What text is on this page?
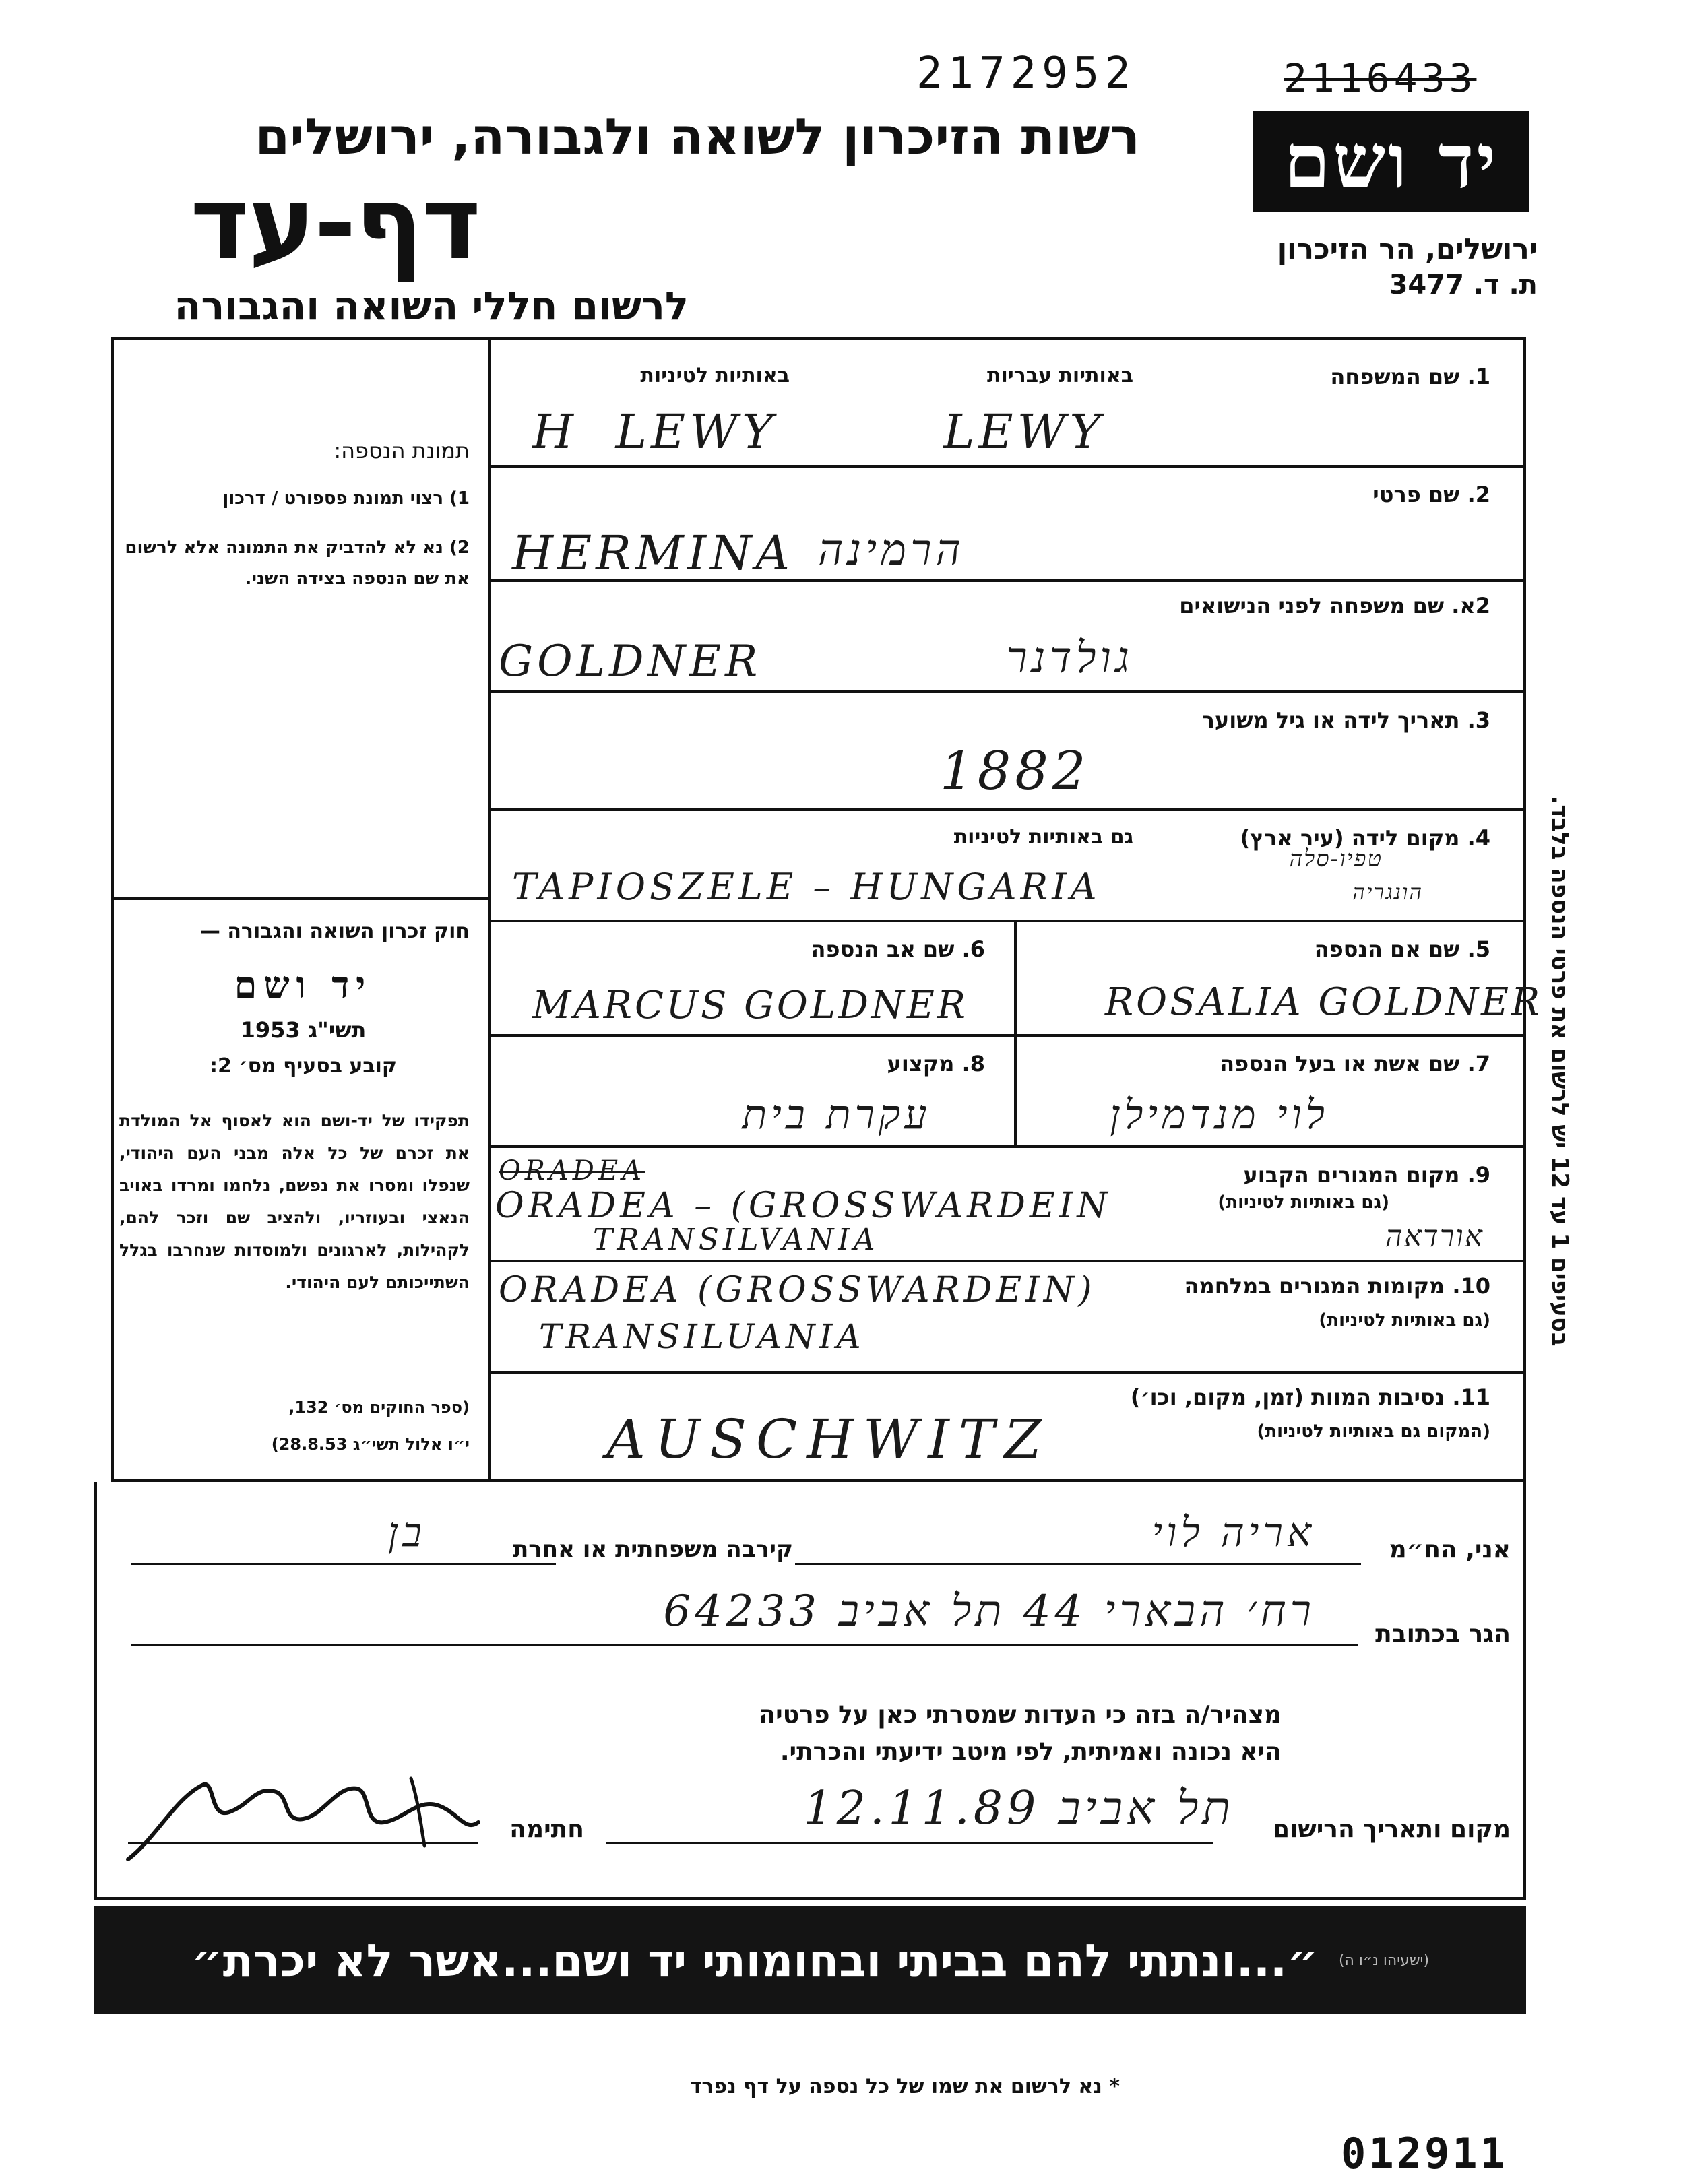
2172952	2116433
רשות הזיכרון לשואה ולגבורה, ירושלים
דף-עד
לרשום חללי השואה והגבורה
יד ושם
ירושלים, הר הזיכרון
ת. ד. 3477
תמונת הנספה:
1) רצוי תמונת פספורט / דרכון
2) נא לא להדביק את התמונה אלא לרשום את שם הנספה בצידה השני.
חוק זכרון השואה והגבורה —
יד ושם
תשי"ג 1953
קובע בסעיף מס׳ 2:
תפקידו של יד-ושם הוא לאסוף אל המולדת את זכרם של כל אלה מבני העם היהודי, שנפלו ומסרו את נפשם, נלחמו ומרדו באויב הנאצי ובעוזריו, ולהציב שם וזכר להם, לקהילות, לארגונים ולמוסדות שנחרבו בגלל השתייכותם לעם היהודי.
(ספר החוקים מס׳ 132,
י״ו אלול תשי״ג 28.8.53)
1. שם המשפחה
באותיות עבריות
באותיות לטיניות
H  LEWY	LEWY
2. שם פרטי
HERMINA הרמינה
2א. שם משפחה לפני הנישואים
GOLDNER	גולדנר
3. תאריך לידה או גיל משוער
1882
4. מקום לידה (עיר ארץ)
גם באותיות לטיניות
TAPIOSZELE – HUNGARIA
טפיו-סלה
הונגריה
5. שם אם הנספה
ROSALIA GOLDNER
6. שם אב הנספה
MARCUS GOLDNER
7. שם אשת או בעל הנספה
לוי מנדמילן
8. מקצוע
עקרת בית
9. מקום המגורים הקבוע
(גם באותיות לטיניות)
ORADEA
ORADEA – (GROSSWARDEIN
TRANSILVANIA	אורדאה
10. מקומות המגורים במלחמה
(גם באותיות לטיניות)
ORADEA (GROSSWARDEIN)
TRANSILUANIA
11. נסיבות המוות (זמן, מקום, וכו׳)
(המקום גם באותיות לטיניות)
AUSCHWITZ
בסעיפים 1 עד 12 יש לרשום את פרטי הנספה בלבד.
אני, הח״מ
אריה לוי
קירבה משפחתית או אחרת
בן
הגר בכתובת
רח׳ הבארי 44 תל אביב 64233
מצהיר/ה בזה כי העדות שמסרתי כאן על פרטיה
היא נכונה ואמיתית, לפי מיטב ידיעתי והכרתי.
מקום ותאריך הרישום
תל אביב 12.11.89
חתימה
״...ונתתי להם בביתי ובחומותי יד ושם...אשר לא יכרת״ (ישעיהו נ״ו ה)
* נא לרשום את שמו של כל נספה על דף נפרד
012911
